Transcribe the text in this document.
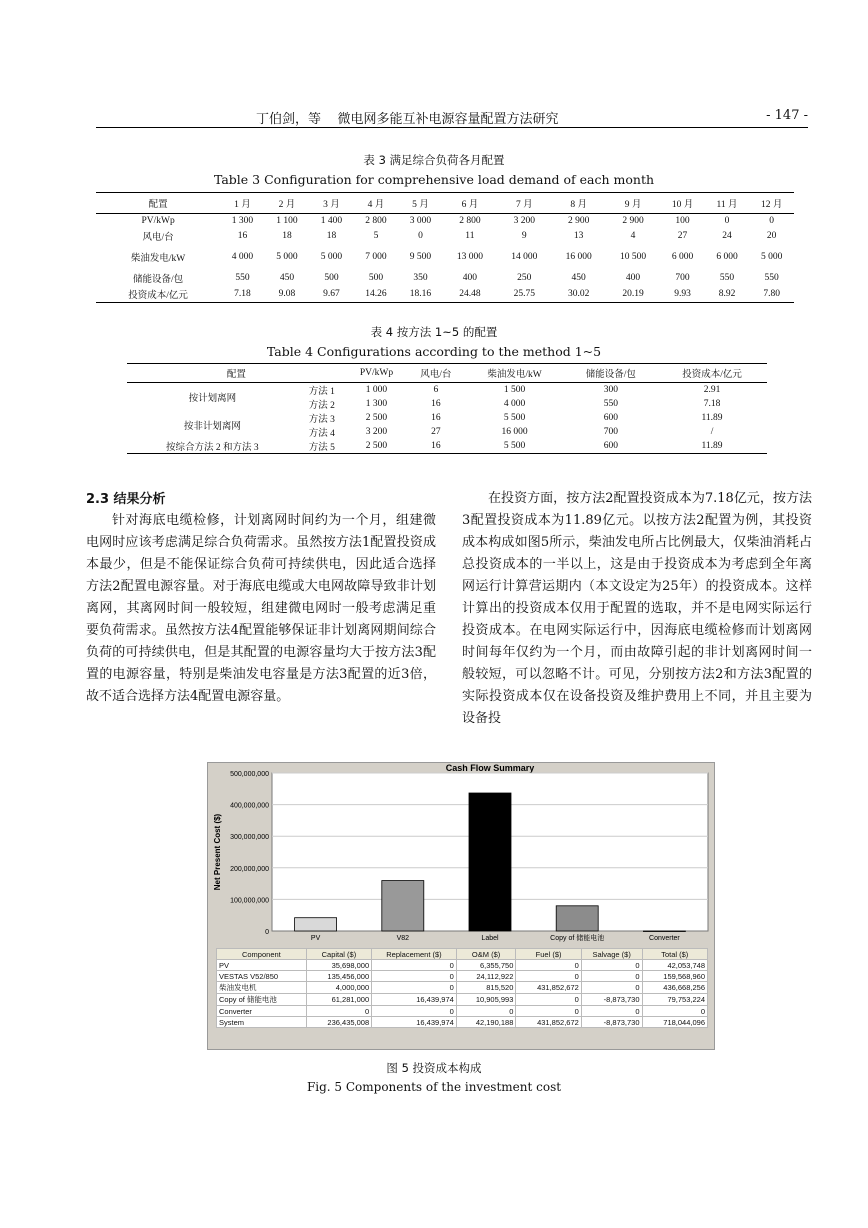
丁伯剑，等 微电网多能互补电源容量配置方法研究	- 147 -
表 3 满足综合负荷各月配置
Table 3 Configuration for comprehensive load demand of each month
配置	1 月	2 月	3 月	4 月	5 月	6 月	7 月	8 月	9 月	10 月	11 月	12 月
PV/kWp	1 300	1 100	1 400	2 800	3 000	2 800	3 200	2 900	2 900	100	0	0
风电/台	16	18	18	5	0	11	9	13	4	27	24	20
柴油发电/kW	4 000	5 000	5 000	7 000	9 500	13 000	14 000	16 000	10 500	6 000	6 000	5 000
储能设备/包	550	450	500	500	350	400	250	450	400	700	550	550
投资成本/亿元	7.18	9.08	9.67	14.26	18.16	24.48	25.75	30.02	20.19	9.93	8.92	7.80
表 4 按方法 1~5 的配置
Table 4 Configurations according to the method 1~5
配置		PV/kWp	风电/台	柴油发电/kW	储能设备/包	投资成本/亿元
按计划离网	方法 1	1 000	6	1 500	300	2.91
	方法 2	1 300	16	4 000	550	7.18
按非计划离网	方法 3	2 500	16	5 500	600	11.89
	方法 4	3 200	27	16 000	700	/
按综合方法 2 和方法 3	方法 5	2 500	16	5 500	600	11.89
2.3 结果分析
针对海底电缆检修，计划离网时间约为一个月，组建微电网时应该考虑满足综合负荷需求。虽然按方法1配置投资成本最少，但是不能保证综合负荷可持续供电，因此适合选择方法2配置电源容量。对于海底电缆或大电网故障导致非计划离网，其离网时间一般较短，组建微电网时一般考虑满足重要负荷需求。虽然按方法4配置能够保证非计划离网期间综合负荷的可持续供电，但是其配置的电源容量均大于按方法3配置的电源容量，特别是柴油发电容量是方法3配置的近3倍，故不适合选择方法4配置电源容量。
在投资方面，按方法2配置投资成本为7.18亿元，按方法3配置投资成本为11.89亿元。以按方法2配置为例，其投资成本构成如图5所示，柴油发电所占比例最大，仅柴油消耗占总投资成本的一半以上，这是由于投资成本为考虑到全年离网运行计算营运期内（本文设定为25年）的投资成本。这样计算出的投资成本仅用于配置的选取，并不是电网实际运行投资成本。在电网实际运行中，因海底电缆检修而计划离网时间每年仅约为一个月，而由故障引起的非计划离网时间一般较短，可以忽略不计。可见，分别按方法2和方法3配置的实际投资成本仅在设备投资及维护费用上不同，并且主要为设备投
Cash Flow Summary
0
100,000,000
200,000,000
300,000,000
400,000,000
500,000,000
Net Present Cost ($)
PV	V82	Label	Copy of 储能电池	Converter
Component	Capital ($)	Replacement ($)	O&M ($)	Fuel ($)	Salvage ($)	Total ($)
PV	35,698,000	0	6,355,750	0	0	42,053,748
VESTAS V52/850	135,456,000	0	24,112,922	0	0	159,568,960
柴油发电机	4,000,000	0	815,520	431,852,672	0	436,668,256
Copy of 储能电池	61,281,000	16,439,974	10,905,993	0	-8,873,730	79,753,224
Converter	0	0	0	0	0	0
System	236,435,008	16,439,974	42,190,188	431,852,672	-8,873,730	718,044,096
图 5 投资成本构成
Fig. 5 Components of the investment cost
